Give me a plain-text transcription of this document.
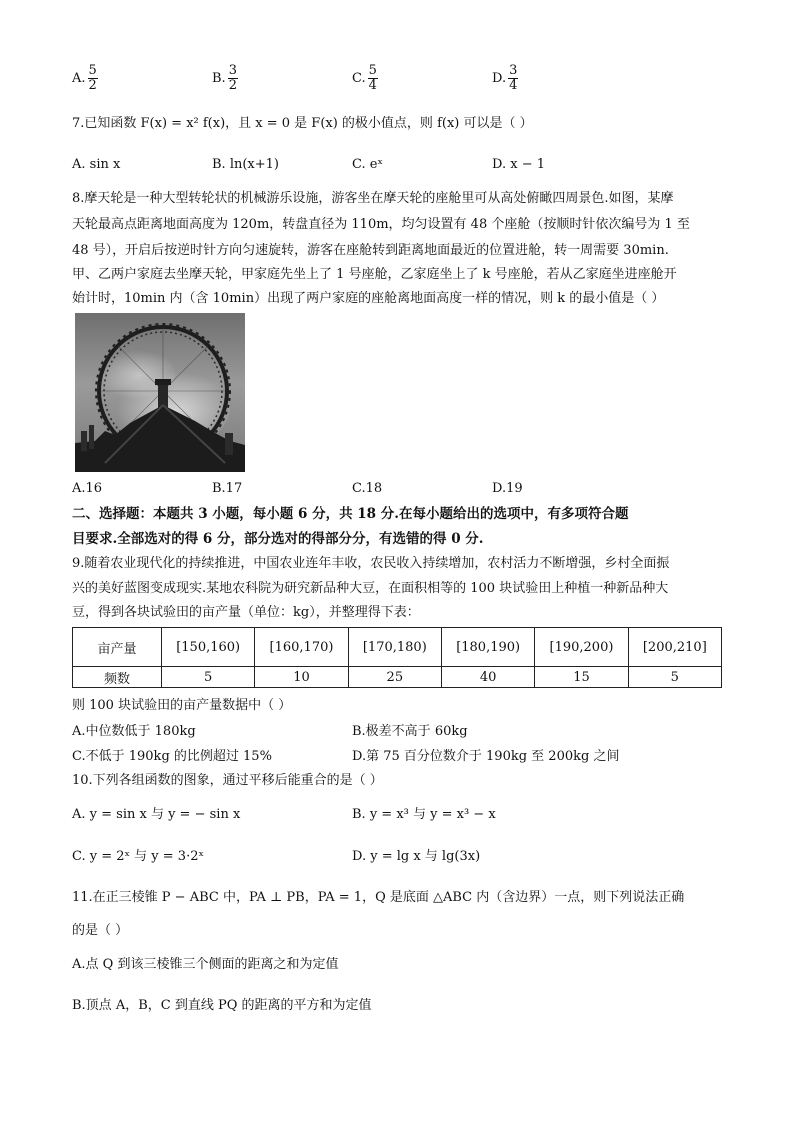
A. $\frac{5}{2}$	B. $\frac{3}{2}$	C. $\frac{5}{4}$	D. $\frac{3}{4}$
7.已知函数 F(x) = x² f(x)，且 x = 0 是 F(x) 的极小值点，则 f(x) 可以是（ ）
A. sin x	B. ln(x+1)	C. eˣ	D. x − 1
8.摩天轮是一种大型转轮状的机械游乐设施，游客坐在摩天轮的座舱里可从高处俯瞰四周景色.如图，某摩
天轮最高点距离地面高度为 120m，转盘直径为 110m，均匀设置有 48 个座舱（按顺时针依次编号为 1 至
48 号），开启后按逆时针方向匀速旋转，游客在座舱转到距离地面最近的位置进舱，转一周需要 30min.
甲、乙两户家庭去坐摩天轮，甲家庭先坐上了 1 号座舱，乙家庭坐上了 k 号座舱，若从乙家庭坐进座舱开
始计时，10min 内（含 10min）出现了两户家庭的座舱离地面高度一样的情况，则 k 的最小值是（ ）
A.16	B.17	C.18	D.19
二、选择题：本题共 3 小题，每小题 6 分，共 18 分.在每小题给出的选项中，有多项符合题
目要求.全部选对的得 6 分，部分选对的得部分分，有选错的得 0 分.
9.随着农业现代化的持续推进，中国农业连年丰收，农民收入持续增加，农村活力不断增强，乡村全面振
兴的美好蓝图变成现实.某地农科院为研究新品种大豆，在面积相等的 100 块试验田上种植一种新品种大
豆，得到各块试验田的亩产量（单位：kg），并整理得下表：
亩产量	[150,160)	[160,170)	[170,180)	[180,190)	[190,200)	[200,210]
频数	5	10	25	40	15	5
则 100 块试验田的亩产量数据中（ ）
A.中位数低于 180kg	B.极差不高于 60kg
C.不低于 190kg 的比例超过 15%	D.第 75 百分位数介于 190kg 至 200kg 之间
10.下列各组函数的图象，通过平移后能重合的是（ ）
A. y = sin x 与 y = − sin x	B. y = x³ 与 y = x³ − x
C. y = 2ˣ 与 y = 3·2ˣ	D. y = lg x 与 lg(3x)
11.在正三棱锥 P − ABC 中，PA ⊥ PB，PA = 1，Q 是底面 △ABC 内（含边界）一点，则下列说法正确
的是（ ）
A.点 Q 到该三棱锥三个侧面的距离之和为定值
B.顶点 A，B，C 到直线 PQ 的距离的平方和为定值
